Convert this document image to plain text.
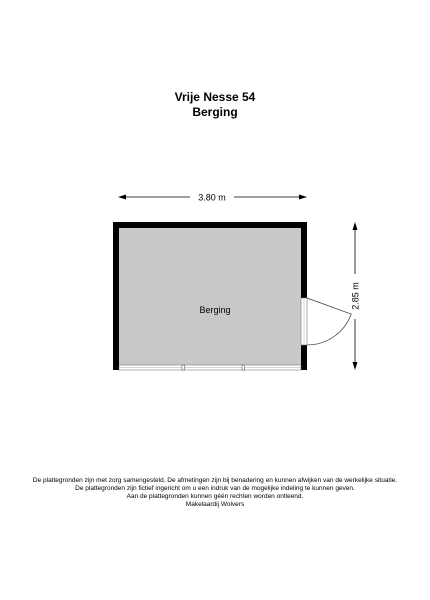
Vrije Nesse 54
Berging
3.80 m
Berging
2.85 m
De plattegronden zijn met zorg samengesteld. De afmetingen zijn bij benadering en kunnen afwijken van de werkelijke situatie.
De plattegronden zijn fictief ingericht om u een indruk van de mogelijke indeling te kunnen geven.
Aan de plattegronden kunnen géén rechten worden ontleend.
Makelaardij Wolvers
